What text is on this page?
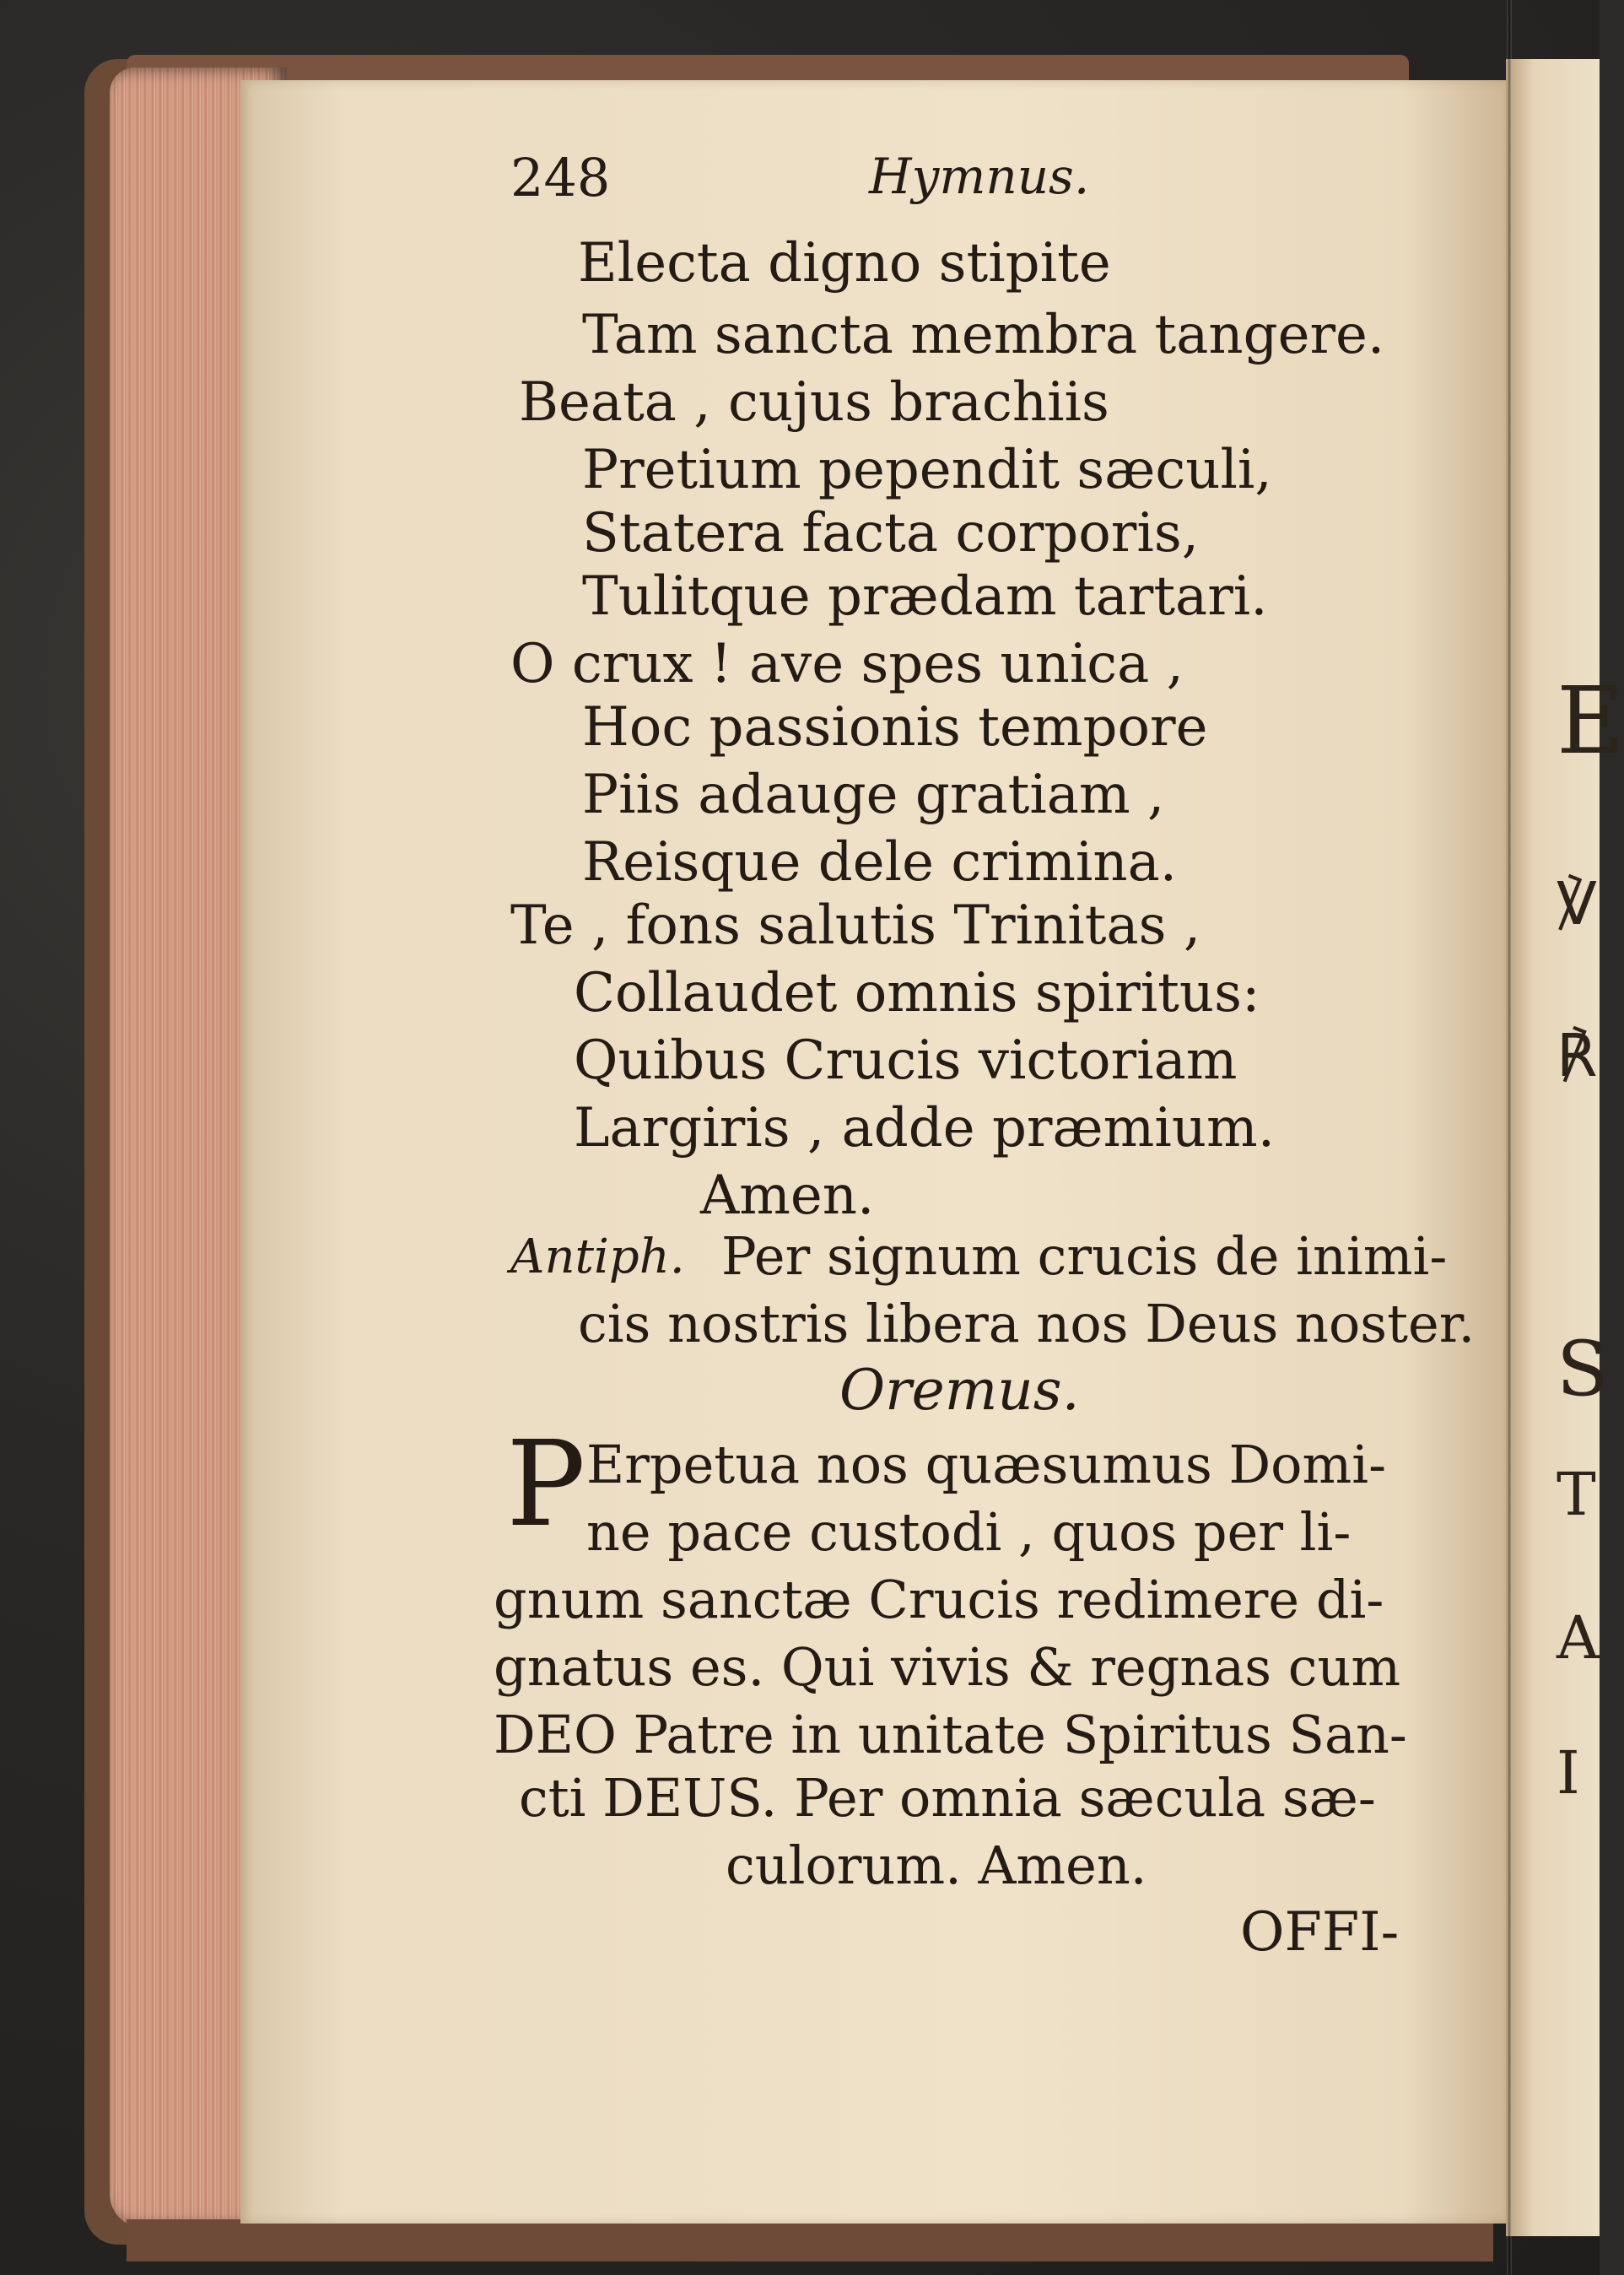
E
℣
℟
S
T
A
I
248	Hymnus.
Electa digno stipite
Tam sancta membra tangere.
Beata , cujus brachiis
Pretium pependit sæculi,
Statera facta corporis,
Tulitque prædam tartari.
O crux ! ave spes unica ,
Hoc passionis tempore
Piis adauge gratiam ,
Reisque dele crimina.
Te , fons salutis Trinitas ,
Collaudet omnis spiritus:
Quibus Crucis victoriam
Largiris , adde præmium.
Amen.
Antiph. Per signum crucis de inimi-
cis nostris libera nos Deus noster.
Oremus.
P Erpetua nos quæsumus Domi-
ne pace custodi , quos per li-
gnum sanctæ Crucis redimere di-
gnatus es. Qui vivis & regnas cum
DEO Patre in unitate Spiritus San-
cti DEUS. Per omnia sæcula sæ-
culorum. Amen.
OFFI-
